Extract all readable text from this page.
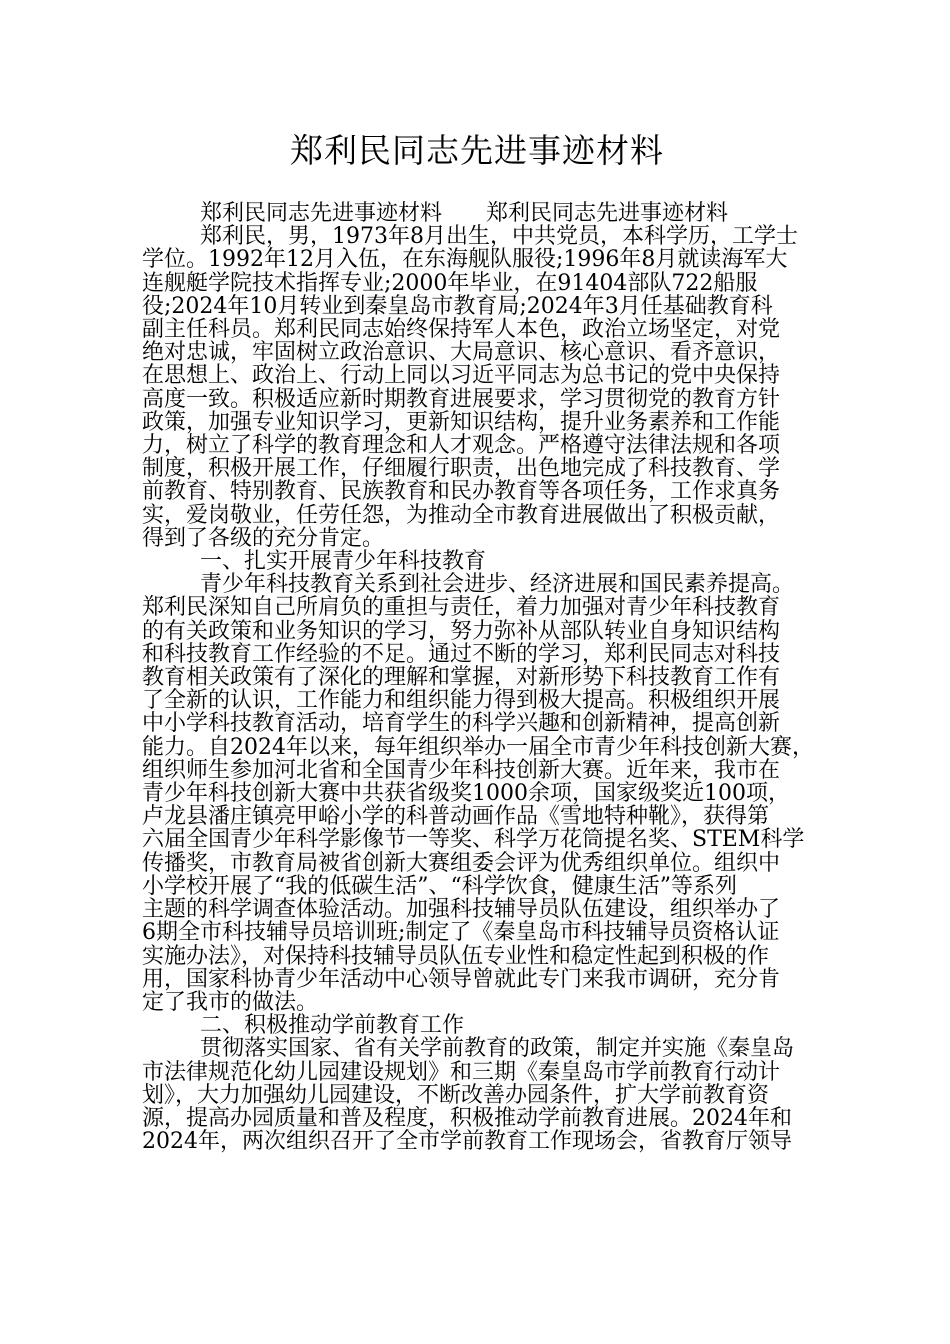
郑利民同志先进事迹材料

郑利民同志先进事迹材料 郑利民同志先进事迹材料

郑利民，男，1973年8月出生，中共党员，本科学历，工学士

学位。1992年12月入伍，在东海舰队服役;1996年8月就读海军大

连舰艇学院技术指挥专业;2000年毕业，在91404部队722船服

役;2024年10月转业到秦皇岛市教育局;2024年3月任基础教育科

副主任科员。郑利民同志始终保持军人本色，政治立场坚定，对党

绝对忠诚，牢固树立政治意识、大局意识、核心意识、看齐意识，

在思想上、政治上、行动上同以习近平同志为总书记的党中央保持

高度一致。积极适应新时期教育进展要求，学习贯彻党的教育方针

政策，加强专业知识学习，更新知识结构，提升业务素养和工作能

力，树立了科学的教育理念和人才观念。严格遵守法律法规和各项

制度，积极开展工作，仔细履行职责，出色地完成了科技教育、学

前教育、特别教育、民族教育和民办教育等各项任务，工作求真务

实，爱岗敬业，任劳任怨，为推动全市教育进展做出了积极贡献，

得到了各级的充分肯定。

一、扎实开展青少年科技教育

青少年科技教育关系到社会进步、经济进展和国民素养提高。

郑利民深知自己所肩负的重担与责任，着力加强对青少年科技教育

的有关政策和业务知识的学习，努力弥补从部队转业自身知识结构

和科技教育工作经验的不足。通过不断的学习，郑利民同志对科技

教育相关政策有了深化的理解和掌握，对新形势下科技教育工作有

了全新的认识，工作能力和组织能力得到极大提高。积极组织开展

中小学科技教育活动，培育学生的科学兴趣和创新精神，提高创新

能力。自2024年以来，每年组织举办一届全市青少年科技创新大赛，

组织师生参加河北省和全国青少年科技创新大赛。近年来，我市在

青少年科技创新大赛中共获省级奖1000余项，国家级奖近100项，

卢龙县潘庄镇亮甲峪小学的科普动画作品《雪地特种靴》，获得第

六届全国青少年科学影像节一等奖、科学万花筒提名奖、STEM科学

传播奖，市教育局被省创新大赛组委会评为优秀组织单位。组织中

小学校开展了“我的低碳生活”、“科学饮食，健康生活”等系列

主题的科学调查体验活动。加强科技辅导员队伍建设，组织举办了

6期全市科技辅导员培训班;制定了《秦皇岛市科技辅导员资格认证

实施办法》，对保持科技辅导员队伍专业性和稳定性起到积极的作

用，国家科协青少年活动中心领导曾就此专门来我市调研，充分肯

定了我市的做法。

二、积极推动学前教育工作

贯彻落实国家、省有关学前教育的政策，制定并实施《秦皇岛

市法律规范化幼儿园建设规划》和三期《秦皇岛市学前教育行动计

划》，大力加强幼儿园建设，不断改善办园条件，扩大学前教育资

源，提高办园质量和普及程度，积极推动学前教育进展。2024年和

2024年，两次组织召开了全市学前教育工作现场会，省教育厅领导
